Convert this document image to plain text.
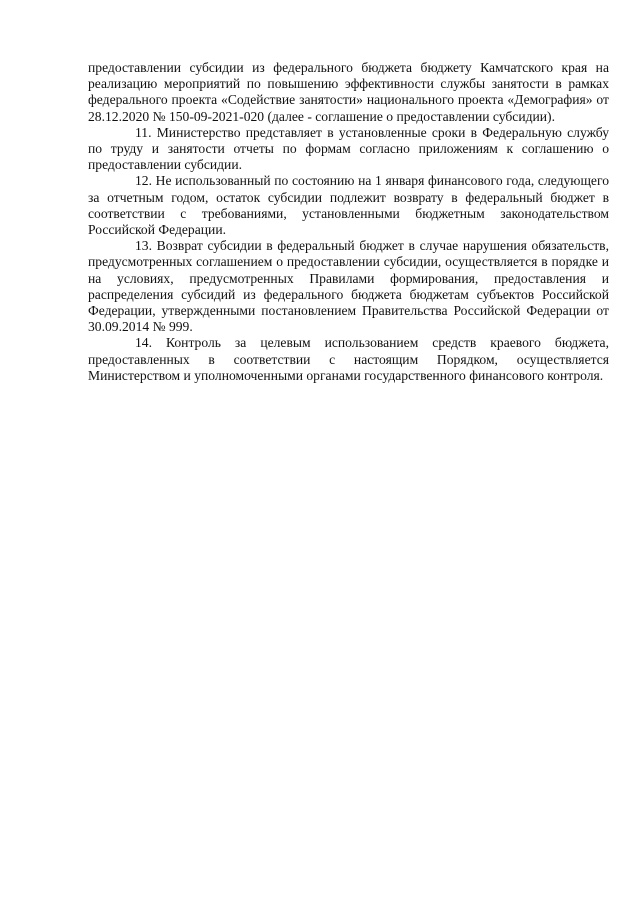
предоставлении субсидии из федерального бюджета бюджету Камчатского края на реализацию мероприятий по повышению эффективности службы занятости в рамках федерального проекта «Содействие занятости» национального проекта «Демография» от 28.12.2020 № 150-09-2021-020 (далее - соглашение о предоставлении субсидии).

11. Министерство представляет в установленные сроки в Федеральную службу по труду и занятости отчеты по формам согласно приложениям к соглашению о предоставлении субсидии.

12. Не использованный по состоянию на 1 января финансового года, следующего за отчетным годом, остаток субсидии подлежит возврату в федеральный бюджет в соответствии с требованиями, установленными бюджетным законодательством Российской Федерации.

13. Возврат субсидии в федеральный бюджет в случае нарушения обязательств, предусмотренных соглашением о предоставлении субсидии, осуществляется в порядке и на условиях, предусмотренных Правилами формирования, предоставления и распределения субсидий из федерального бюджета бюджетам субъектов Российской Федерации, утвержденными постановлением Правительства Российской Федерации от 30.09.2014 № 999.

14. Контроль за целевым использованием средств краевого бюджета, предоставленных в соответствии с настоящим Порядком, осуществляется Министерством и уполномоченными органами государственного финансового контроля.
